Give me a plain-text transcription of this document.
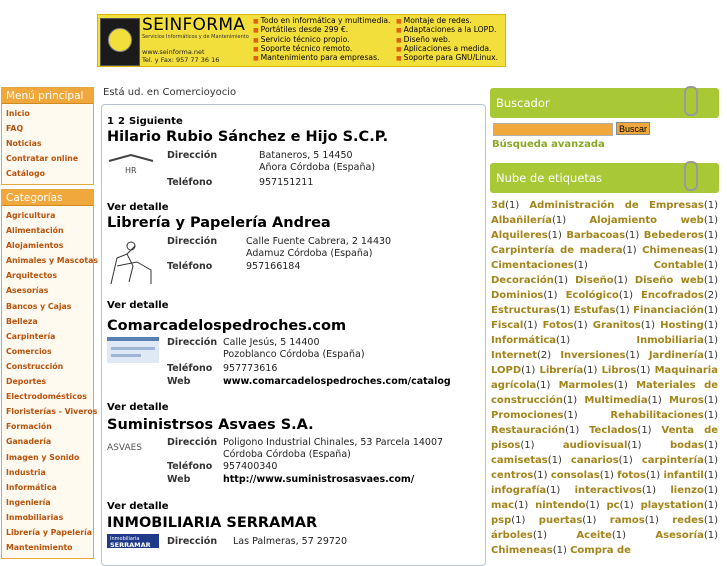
SEINFORMA
Servicios Informáticos y de Mantenimiento
www.seinforma.net
Tel. y Fax: 957 77 36 16
■ Todo en informática y multimedia.
■ Portátiles desde 299 €.
■ Servicio técnico propio.
■ Soporte técnico remoto.
■ Mantenimiento para empresas.
■ Montaje de redes.
■ Adaptaciones a la LOPD.
■ Diseño web.
■ Aplicaciones a medida.
■ Soporte para GNU/Linux.
Está ud. en Comercioyocio
Menú principal
Inicio
FAQ
Noticias
Contratar online
Catálogo
Categorías
Agricultura
Alimentación
Alojamientos
Animales y Mascotas
Arquitectos
Asesorías
Bancos y Cajas
Belleza
Carpintería
Comercios
Construcción
Deportes
Electrodomésticos
Floristerías - Viveros
Formación
Ganadería
Imagen y Sonido
Industria
Informática
Ingeniería
Inmobiliarias
Librería y Papelería
Mantenimiento
1 2 Siguiente
Hilario Rubio Sánchez e Hijo S.C.P.
HR
Dirección	Bataneros, 5 14450
Añora Córdoba (España)
Teléfono	957151211
Ver detalle
Librería y Papelería Andrea
Dirección	Calle Fuente Cabrera, 2 14430
Adamuz Córdoba (España)
Teléfono	957166184
Ver detalle
Comarcadelospedroches.com
Dirección Calle Jesús, 5 14400
Pozoblanco Córdoba (España)
Teléfono 957773616
Web	www.comarcadelospedroches.com/catalog
Ver detalle
Suministrsos Asvaes S.A.
ASVAES	Dirección Poligono Industrial Chinales, 53 Parcela 14007
Córdoba Córdoba (España)
Teléfono 957400340
Web	http://www.suministrosasvaes.com/
Ver detalle
INMOBILIARIA SERRAMAR
Inmobiliaria
SERRAMAR Dirección Las Palmeras, 57 29720
Buscador
Buscar
Búsqueda avanzada
Nube de etiquetas
3d(1) Administración de Empresas(1) Albañilería(1) Alojamiento web(1) Alquileres(1) Barbacoas(1) Bebederos(1) Carpintería de madera(1) Chimeneas(1) Cimentaciones(1)	Contable(1) Decoración(1) Diseño(1) Diseño web(1) Dominios(1) Ecológico(1) Encofrados(2) Estructuras(1) Estufas(1) Financiación(1) Fiscal(1) Fotos(1) Granitos(1) Hosting(1) Informática(1)	Inmobiliaria(1) Internet(2) Inversiones(1) Jardinería(1) LOPD(1) Librería(1) Libros(1) Maquinaria agrícola(1) Marmoles(1) Materiales de construcción(1) Multimedia(1) Muros(1) Promociones(1)	Rehabilitaciones(1) Restauración(1) Teclados(1) Venta de pisos(1)	audiovisual(1)	bodas(1) camisetas(1) canarios(1) carpintería(1) centros(1) consolas(1) fotos(1) infantil(1) infografía(1) interactivos(1) lienzo(1) mac(1) nintendo(1) pc(1) playstation(1) psp(1) puertas(1) ramos(1) redes(1) árboles(1)	Aceite(1)	Asesoría(1) Chimeneas(1) Compra de
